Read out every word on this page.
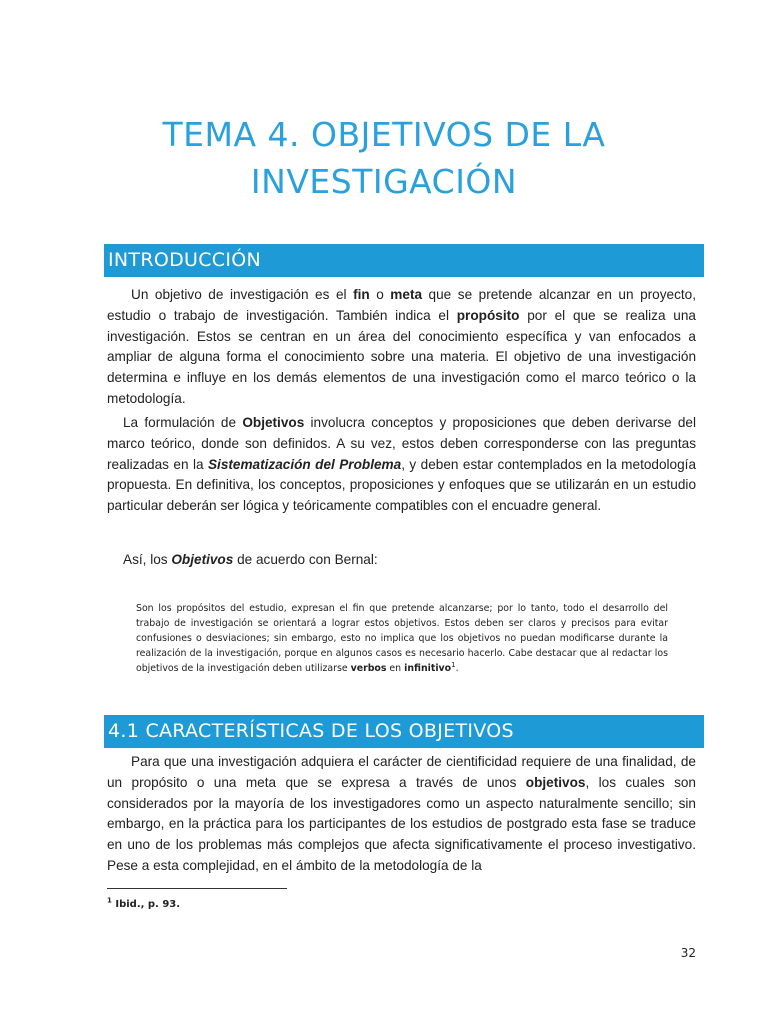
TEMA 4. OBJETIVOS DE LA
INVESTIGACIÓN
INTRODUCCIÓN

Un objetivo de investigación es el fin o meta que se pretende alcanzar en un proyecto, estudio o trabajo de investigación. También indica el propósito por el que se realiza una investigación. Estos se centran en un área del conocimiento específica y van enfocados a ampliar de alguna forma el conocimiento sobre una materia. El objetivo de una investigación determina e influye en los demás elementos de una investigación como el marco teórico o la metodología.

La formulación de Objetivos involucra conceptos y proposiciones que deben derivarse del marco teórico, donde son definidos. A su vez, estos deben corresponderse con las preguntas realizadas en la Sistematización del Problema, y deben estar contemplados en la metodología propuesta. En definitiva, los conceptos, proposiciones y enfoques que se utilizarán en un estudio particular deberán ser lógica y teóricamente compatibles con el encuadre general.

Así, los Objetivos de acuerdo con Bernal:

Son los propósitos del estudio, expresan el fin que pretende alcanzarse; por lo tanto, todo el desarrollo del trabajo de investigación se orientará a lograr estos objetivos. Estos deben ser claros y precisos para evitar confusiones o desviaciones; sin embargo, esto no implica que los objetivos no puedan modificarse durante la realización de la investigación, porque en algunos casos es necesario hacerlo. Cabe destacar que al redactar los objetivos de la investigación deben utilizarse verbos en infinitivo$^1$.

4.1 CARACTERÍSTICAS DE LOS OBJETIVOS

Para que una investigación adquiera el carácter de cientificidad requiere de una finalidad, de un propósito o una meta que se expresa a través de unos objetivos, los cuales son considerados por la mayoría de los investigadores como un aspecto naturalmente sencillo; sin embargo, en la práctica para los participantes de los estudios de postgrado esta fase se traduce en uno de los problemas más complejos que afecta significativamente el proceso investigativo. Pese a esta complejidad, en el ámbito de la metodología de la

$^1$ Ibid., p. 93.
32
